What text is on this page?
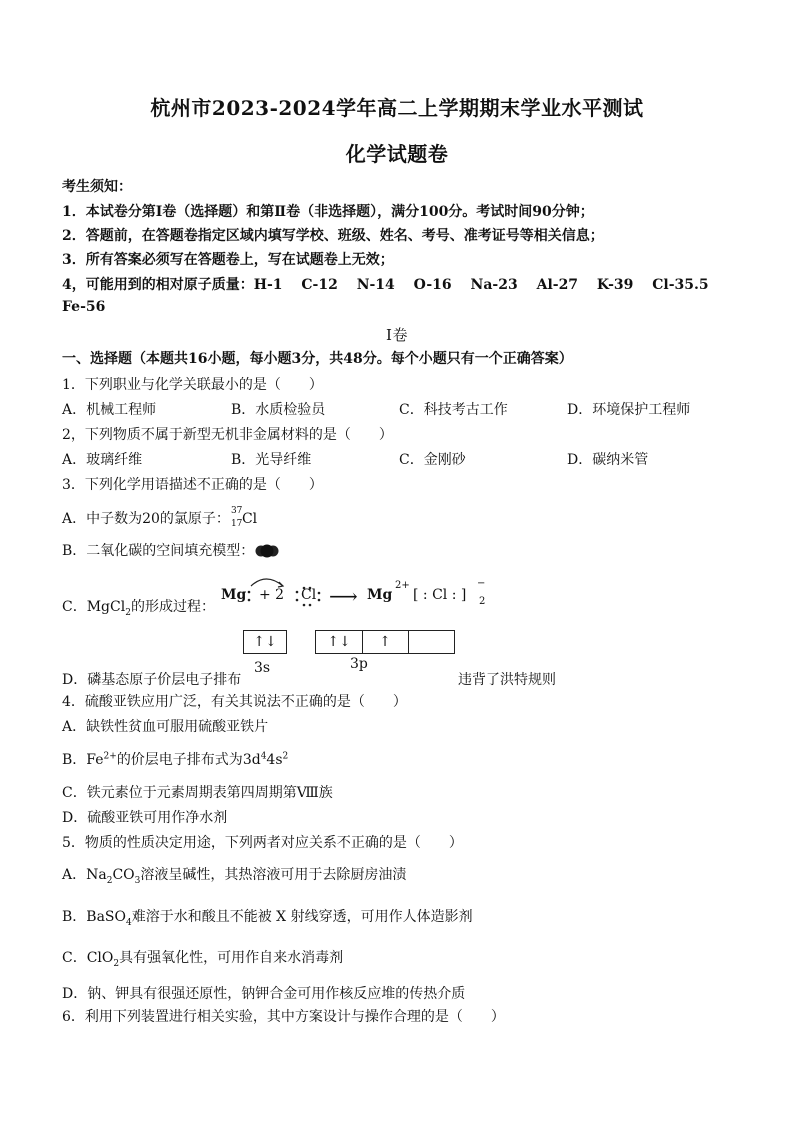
杭州市2023-2024学年高二上学期期末学业水平测试
化学试题卷
考生须知：
1．本试卷分第Ⅰ卷（选择题）和第Ⅱ卷（非选择题），满分100分。考试时间90分钟；
2．答题前，在答题卷指定区域内填写学校、班级、姓名、考号、准考证号等相关信息；
3．所有答案必须写在答题卷上，写在试题卷上无效；
4，可能用到的相对原子质量：H-1　 C-12　 N-14　 O-16　 Na-23　 Al-27　 K-39　 Cl-35.5
Fe-56
Ⅰ卷
一、选择题（本题共16小题，每小题3分，共48分。每个小题只有一个正确答案）
1．下列职业与化学关联最小的是（　　）
A．机械工程师	B．水质检验员	C．科技考古工作	D．环境保护工程师
2，下列物质不属于新型无机非金属材料的是（　　）
A．玻璃纤维	B．光导纤维	C．金刚砂	D．碳纳米管
3．下列化学用语描述不正确的是（　　）
A．中子数为20的氯原子： 37
17 Cl
B．二氧化碳的空间填充模型：
C．MgCl$_2$的形成过程：
Mg + 2 Cl ⟶ Mg
2+
[ : Cl : ]
−
2
↑↓	↑↓	↑
3s	3p
D．磷基态原子价层电子排布	违背了洪特规则
4．硫酸亚铁应用广泛，有关其说法不正确的是（　　）
A．缺铁性贫血可服用硫酸亚铁片
B．$Fe^{2+}$的价层电子排布式为$3d^44s^2$
C．铁元素位于元素周期表第四周期第Ⅷ族
D．硫酸亚铁可用作净水剂
5．物质的性质决定用途，下列两者对应关系不正确的是（　　）
A．$Na_2CO_3$溶液呈碱性，其热溶液可用于去除厨房油渍
B．BaSO$_4$难溶于水和酸且不能被 X 射线穿透，可用作人体造影剂
C．ClO$_2$具有强氧化性，可用作自来水消毒剂
D．钠、钾具有很强还原性，钠钾合金可用作核反应堆的传热介质
6．利用下列装置进行相关实验，其中方案设计与操作合理的是（　　）
